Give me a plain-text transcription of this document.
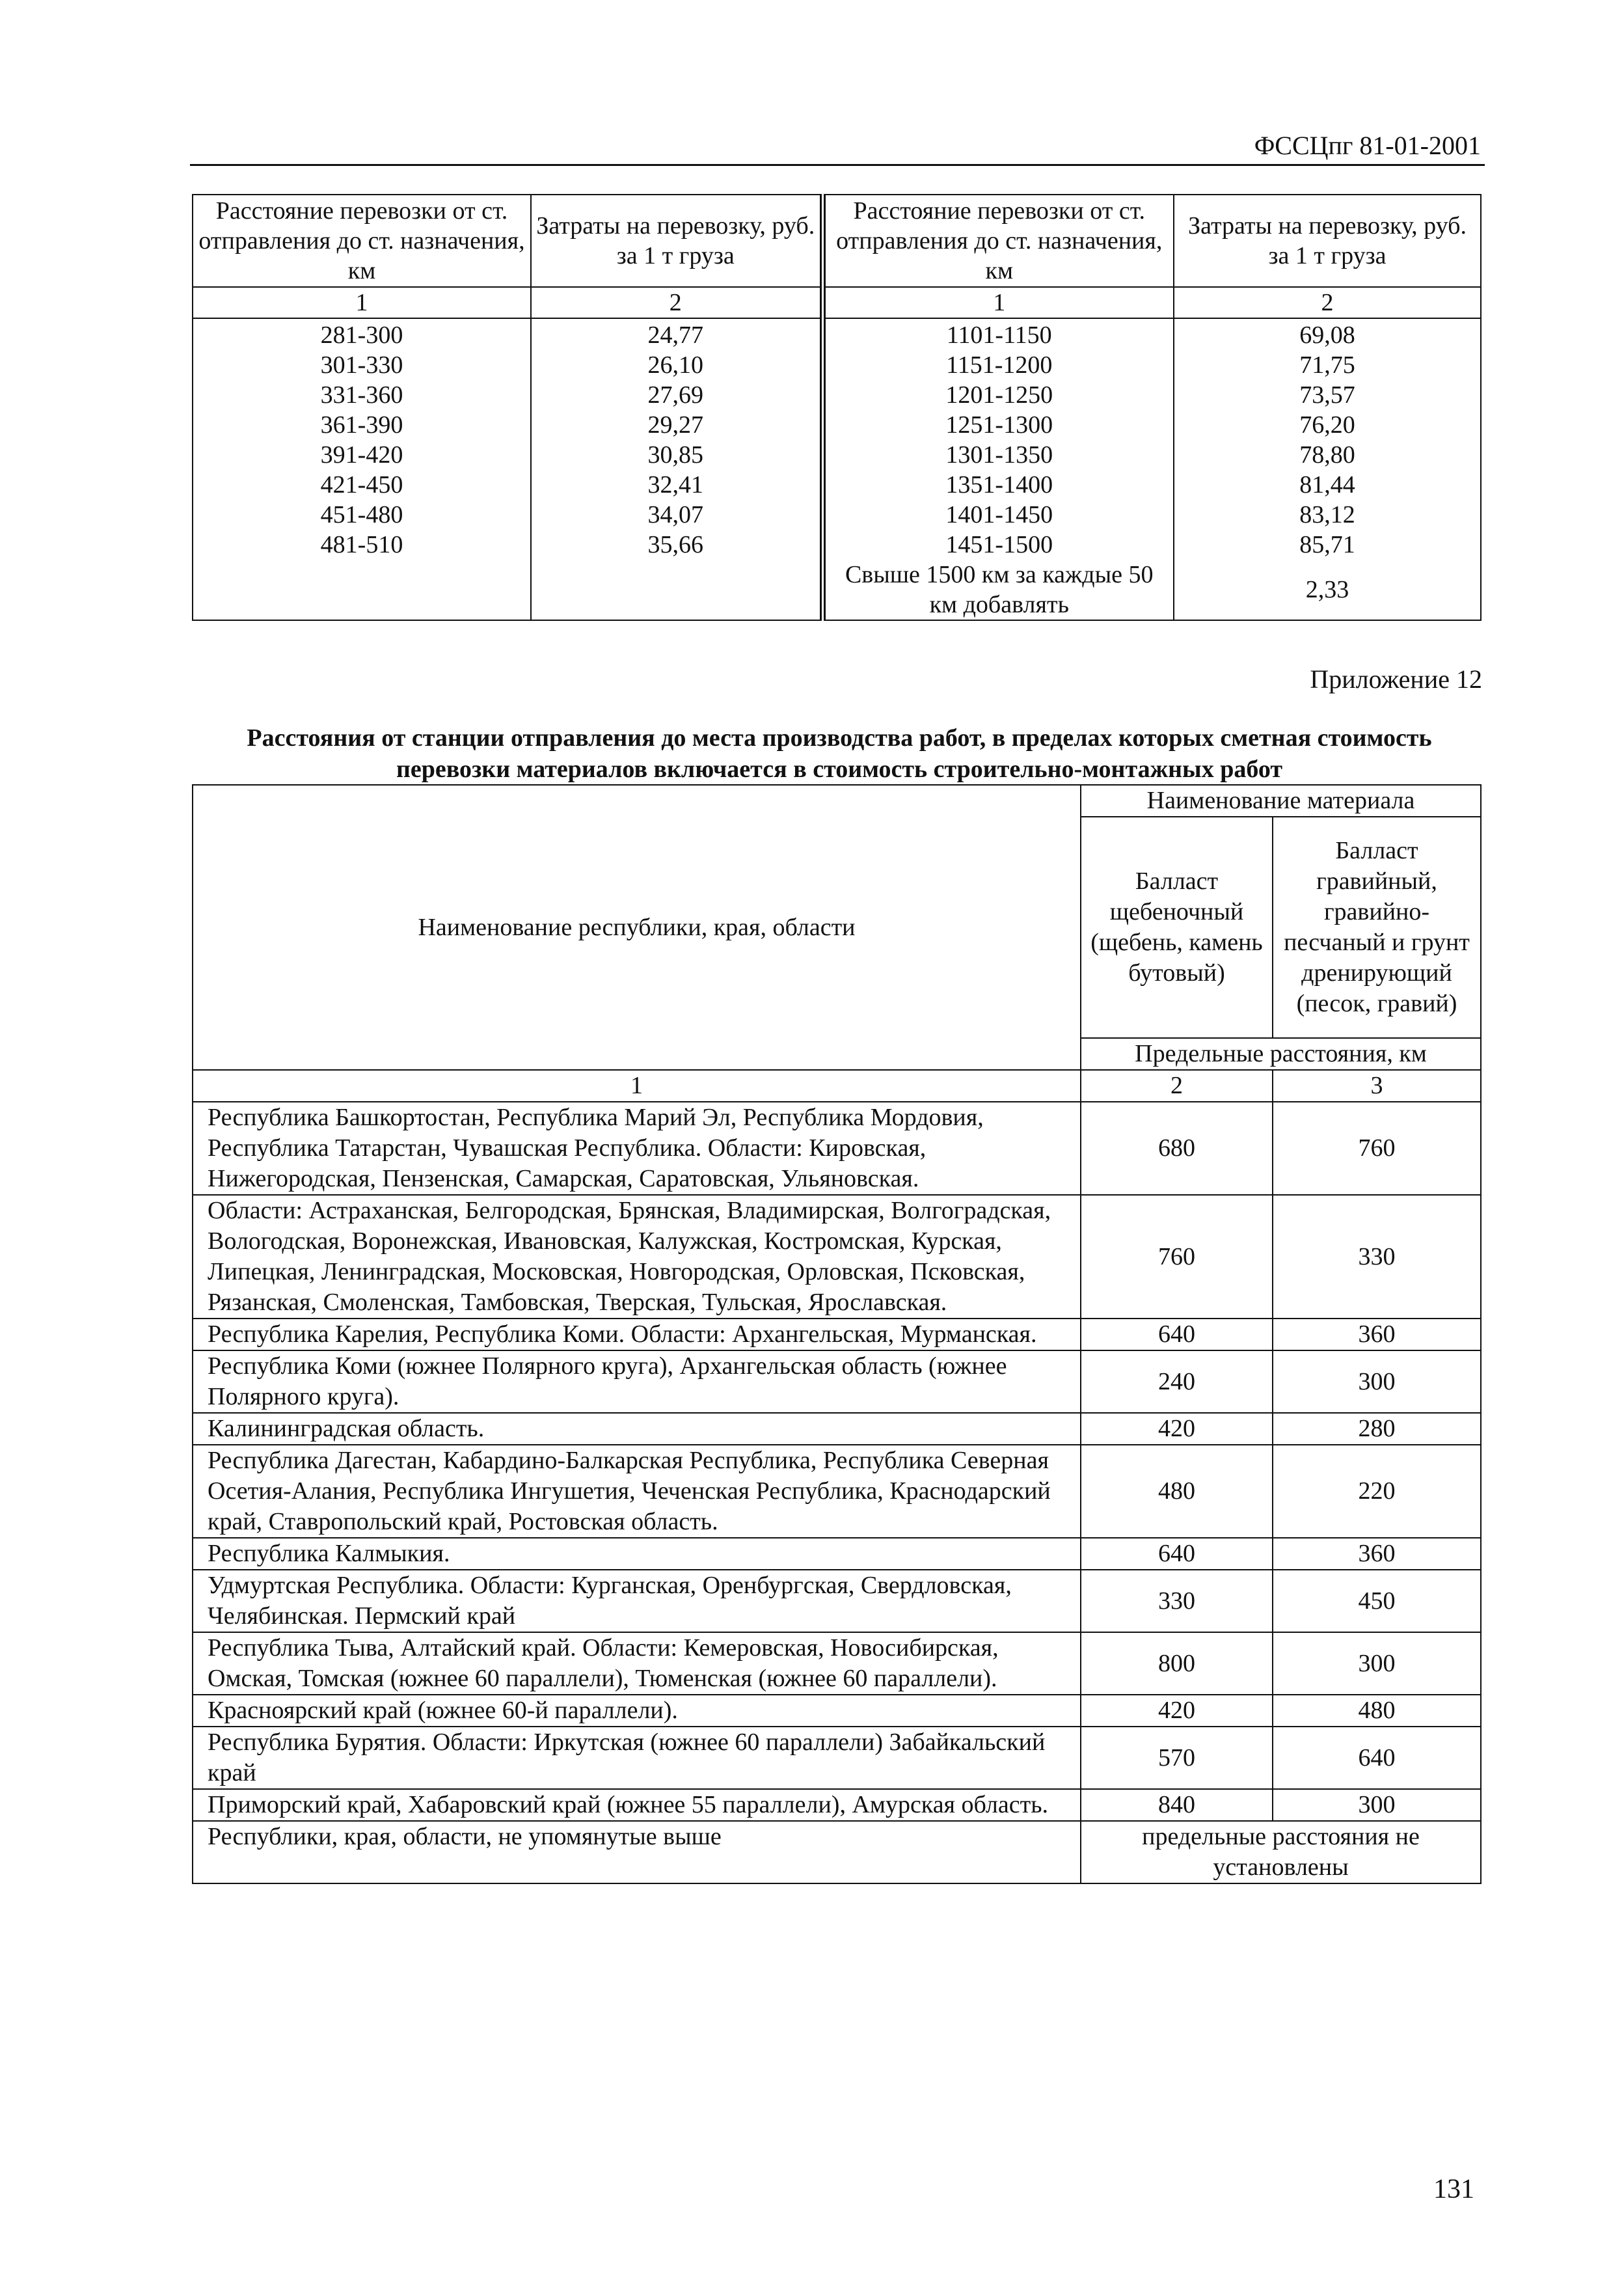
ФССЦпг 81-01-2001
Расстояние перевозки от ст. отправления до ст. назначения, км	Затраты на перевозку, руб. за 1 т груза	Расстояние перевозки от ст. отправления до ст. назначения, км	Затраты на перевозку, руб. за 1 т груза
1	2	1	2
281-300	24,77	1101-1150	69,08
301-330	26,10	1151-1200	71,75
331-360	27,69	1201-1250	73,57
361-390	29,27	1251-1300	76,20
391-420	30,85	1301-1350	78,80
421-450	32,41	1351-1400	81,44
451-480	34,07	1401-1450	83,12
481-510	35,66	1451-1500	85,71
		Свыше 1500 км за каждые 50 км добавлять	2,33
Приложение 12
Расстояния от станции отправления до места производства работ, в пределах которых сметная стоимость перевозки материалов включается в стоимость строительно-монтажных работ
Наименование республики, края, области	Наименование материала	
	Балласт щебеночный (щебень, камень бутовый)	Балласт гравийный, гравийно-песчаный и грунт дренирующий (песок, гравий)
	Предельные расстояния, км	
1	2	3
Республика Башкортостан, Республика Марий Эл, Республика Мордовия, Республика Татарстан, Чувашская Республика. Области: Кировская, Нижегородская, Пензенская, Самарская, Саратовская, Ульяновская.	680	760
Области: Астраханская, Белгородская, Брянская, Владимирская, Волгоградская, Вологодская, Воронежская, Ивановская, Калужская, Костромская, Курская, Липецкая, Ленинградская, Московская, Новгородская, Орловская, Псковская, Рязанская, Смоленская, Тамбовская, Тверская, Тульская, Ярославская.	760	330
Республика Карелия, Республика Коми. Области: Архангельская, Мурманская.	640	360
Республика Коми (южнее Полярного круга), Архангельская область (южнее Полярного круга).	240	300
Калининградская область.	420	280
Республика Дагестан, Кабардино-Балкарская Республика, Республика Северная Осетия-Алания, Республика Ингушетия, Чеченская Республика, Краснодарский край, Ставропольский край, Ростовская область.	480	220
Республика Калмыкия.	640	360
Удмуртская Республика. Области: Курганская, Оренбургская, Свердловская, Челябинская. Пермский край	330	450
Республика Тыва, Алтайский край. Области: Кемеровская, Новосибирская, Омская, Томская (южнее 60 параллели), Тюменская (южнее 60 параллели).	800	300
Красноярский край (южнее 60-й параллели).	420	480
Республика Бурятия. Области: Иркутская (южнее 60 параллели) Забайкальский край	570	640
Приморский край, Хабаровский край (южнее 55 параллели), Амурская область.	840	300
Республики, края, области, не упомянутые выше	предельные расстояния не установлены	
131
